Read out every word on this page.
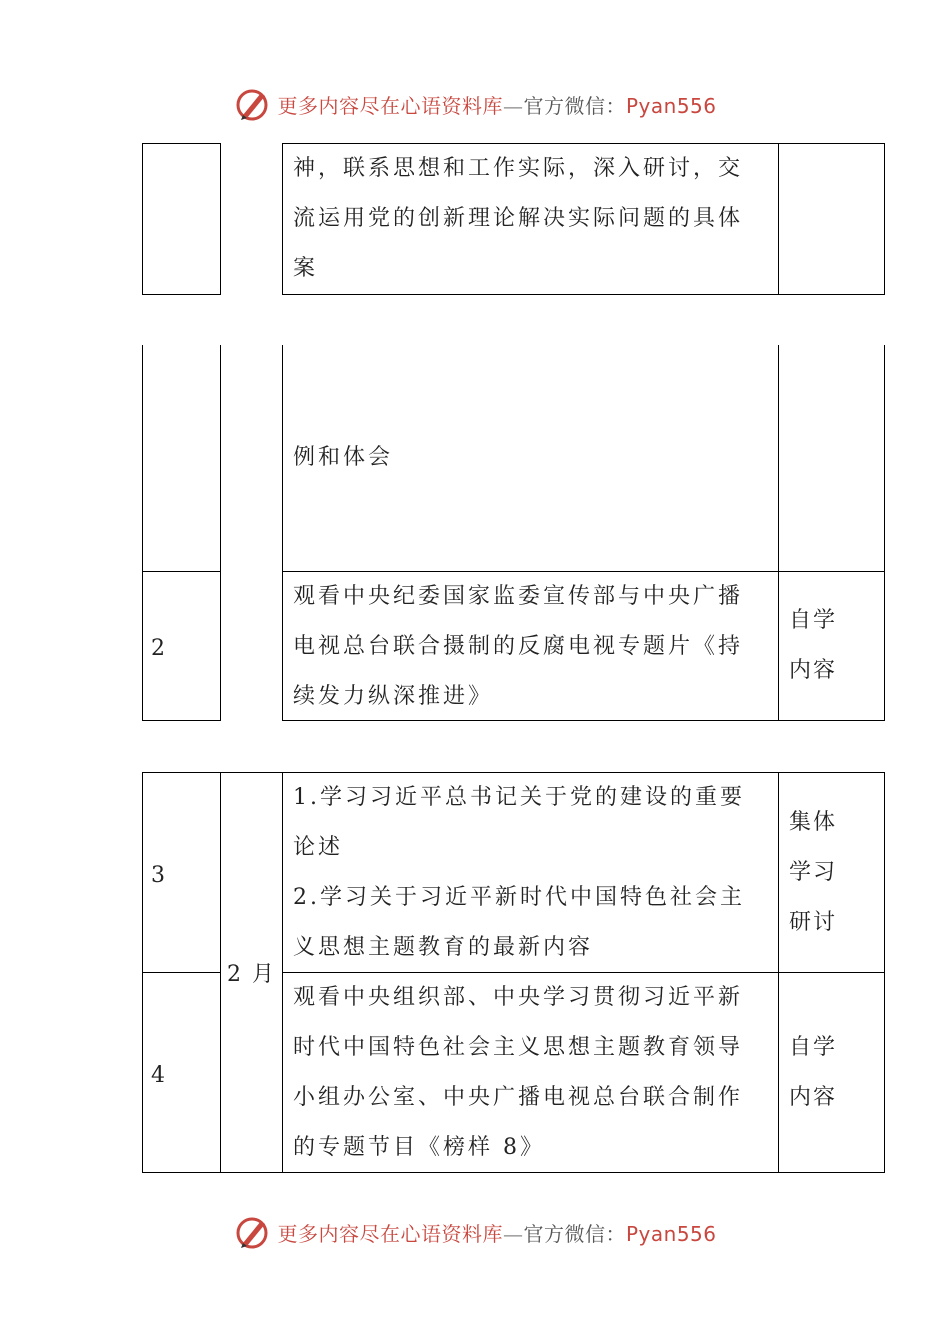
更多内容尽在心语资料库—官方微信：Pyan556
神，联系思想和工作实际，深入研讨，交
流运用党的创新理论解决实际问题的具体
案
例和体会
2
观看中央纪委国家监委宣传部与中央广播
电视总台联合摄制的反腐电视专题片《持
续发力纵深推进》
自学
内容
3
2 月
1.学习习近平总书记关于党的建设的重要
论述
2.学习关于习近平新时代中国特色社会主
义思想主题教育的最新内容
集体
学习
研讨
4
观看中央组织部、中央学习贯彻习近平新
时代中国特色社会主义思想主题教育领导
小组办公室、中央广播电视总台联合制作
的专题节目《榜样 8》
自学
内容
更多内容尽在心语资料库—官方微信：Pyan556
